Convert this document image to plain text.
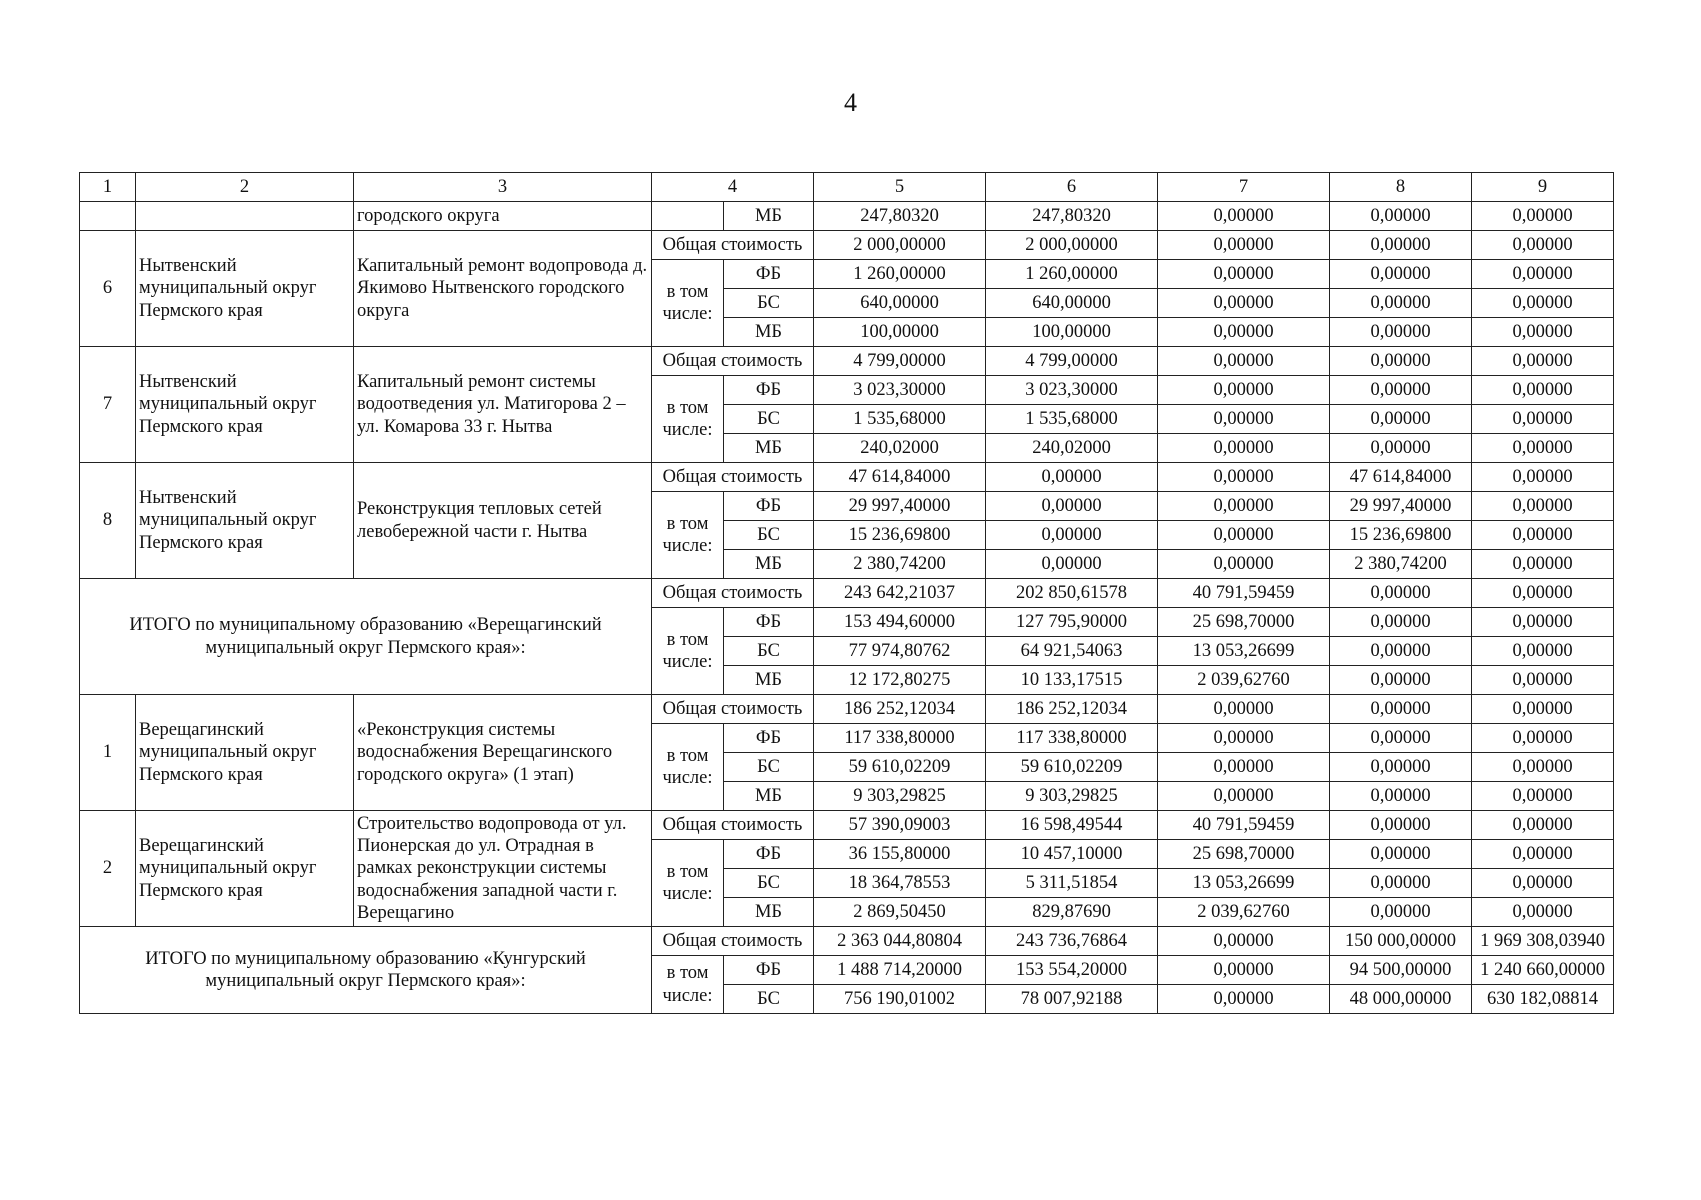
4
1	2	3	4		5	6	7	8	9
		городского округа		МБ	247,80320	247,80320	0,00000	0,00000	0,00000
6	Нытвенский муниципальный округ Пермского края	Капитальный ремонт водопровода д. Якимово Нытвенского городского округа	Общая стоимость		2 000,00000	2 000,00000	0,00000	0,00000	0,00000
			в том числе:	ФБ	1 260,00000	1 260,00000	0,00000	0,00000	0,00000
				БС	640,00000	640,00000	0,00000	0,00000	0,00000
				МБ	100,00000	100,00000	0,00000	0,00000	0,00000
7	Нытвенский муниципальный округ Пермского края	Капитальный ремонт системы водоотведения ул. Матигорова 2 – ул. Комарова 33 г. Нытва	Общая стоимость		4 799,00000	4 799,00000	0,00000	0,00000	0,00000
			в том числе:	ФБ	3 023,30000	3 023,30000	0,00000	0,00000	0,00000
				БС	1 535,68000	1 535,68000	0,00000	0,00000	0,00000
				МБ	240,02000	240,02000	0,00000	0,00000	0,00000
8	Нытвенский муниципальный округ Пермского края	Реконструкция тепловых сетей левобережной части г. Нытва	Общая стоимость		47 614,84000	0,00000	0,00000	47 614,84000	0,00000
			в том числе:	ФБ	29 997,40000	0,00000	0,00000	29 997,40000	0,00000
				БС	15 236,69800	0,00000	0,00000	15 236,69800	0,00000
				МБ	2 380,74200	0,00000	0,00000	2 380,74200	0,00000
ИТОГО по муниципальному образованию «Верещагинский муниципальный округ Пермского края»:			Общая стоимость		243 642,21037	202 850,61578	40 791,59459	0,00000	0,00000
			в том числе:	ФБ	153 494,60000	127 795,90000	25 698,70000	0,00000	0,00000
				БС	77 974,80762	64 921,54063	13 053,26699	0,00000	0,00000
				МБ	12 172,80275	10 133,17515	2 039,62760	0,00000	0,00000
1	Верещагинский муниципальный округ Пермского края	«Реконструкция системы водоснабжения Верещагинского городского округа» (1 этап)	Общая стоимость		186 252,12034	186 252,12034	0,00000	0,00000	0,00000
			в том числе:	ФБ	117 338,80000	117 338,80000	0,00000	0,00000	0,00000
				БС	59 610,02209	59 610,02209	0,00000	0,00000	0,00000
				МБ	9 303,29825	9 303,29825	0,00000	0,00000	0,00000
2	Верещагинский муниципальный округ Пермского края	Строительство водопровода от ул. Пионерская до ул. Отрадная в рамках реконструкции системы водоснабжения западной части г. Верещагино	Общая стоимость		57 390,09003	16 598,49544	40 791,59459	0,00000	0,00000
			в том числе:	ФБ	36 155,80000	10 457,10000	25 698,70000	0,00000	0,00000
				БС	18 364,78553	5 311,51854	13 053,26699	0,00000	0,00000
				МБ	2 869,50450	829,87690	2 039,62760	0,00000	0,00000
ИТОГО по муниципальному образованию «Кунгурский муниципальный округ Пермского края»:			Общая стоимость		2 363 044,80804	243 736,76864	0,00000	150 000,00000	1 969 308,03940
			в том числе:	ФБ	1 488 714,20000	153 554,20000	0,00000	94 500,00000	1 240 660,00000
				БС	756 190,01002	78 007,92188	0,00000	48 000,00000	630 182,08814
